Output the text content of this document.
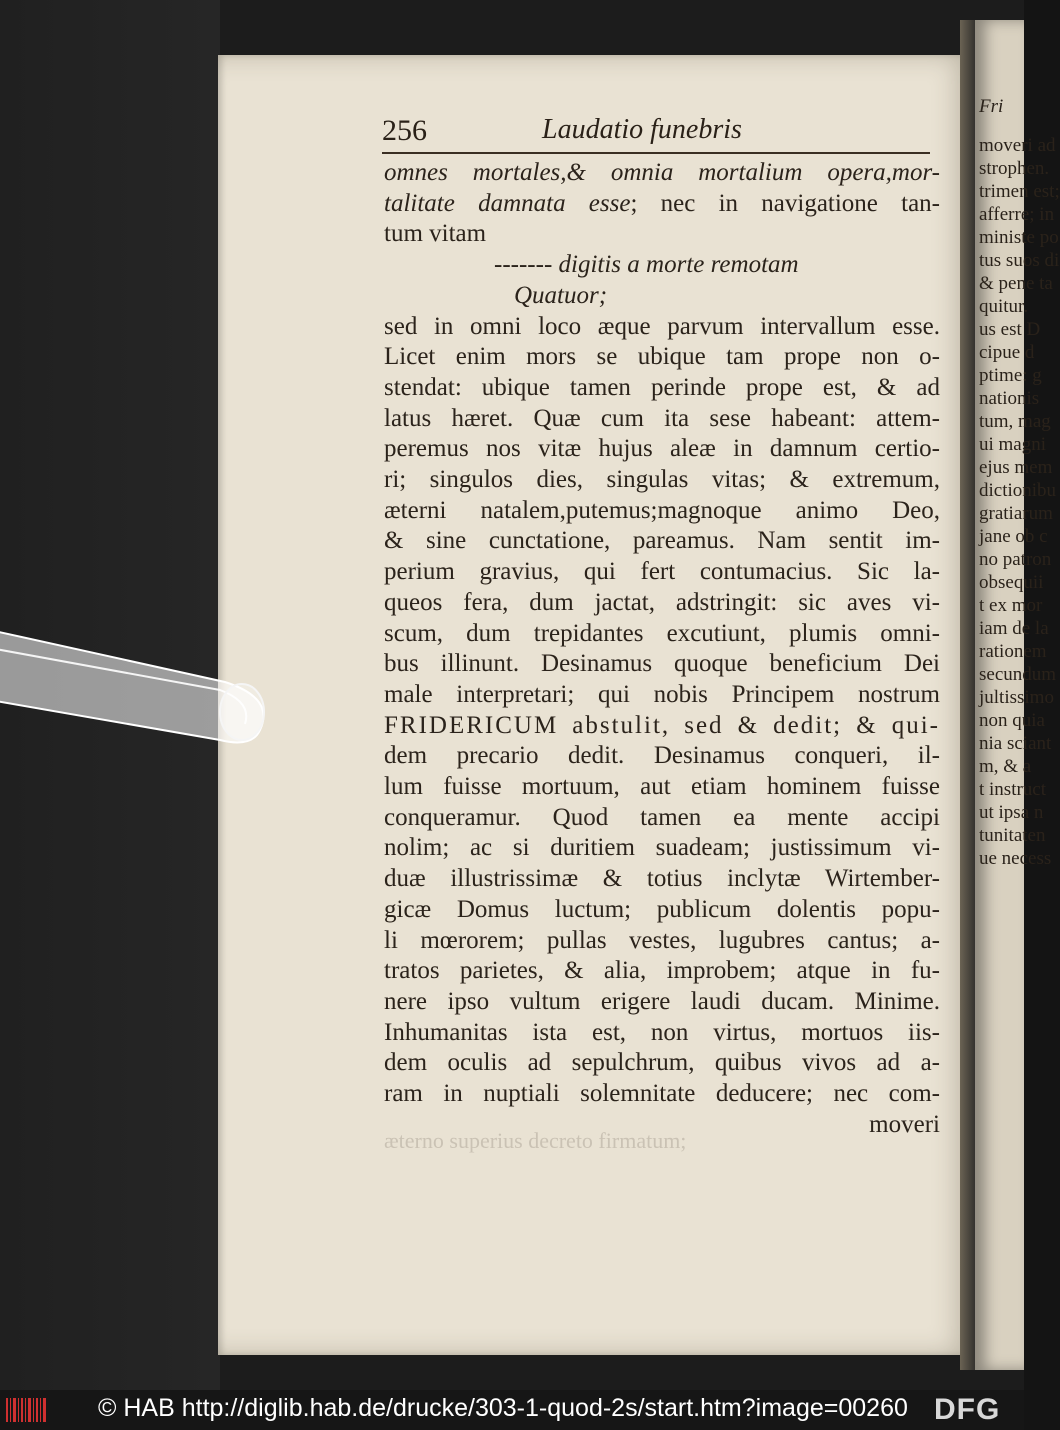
256	Laudatio funebris
omnes mortales,& omnia mortalium opera,mor-
talitate damnata esse; nec in navigatione tan-
tum vitam
------- digitis a morte remotam
Quatuor;
sed in omni loco æque parvum intervallum esse.
Licet enim mors se ubique tam prope non o-
stendat: ubique tamen perinde prope est, & ad
latus hæret. Quæ cum ita sese habeant: attem-
peremus nos vitæ hujus aleæ in damnum certio-
ri; singulos dies, singulas vitas; & extremum,
æterni natalem,putemus;magnoque animo Deo,
& sine cunctatione, pareamus. Nam sentit im-
perium gravius, qui fert contumacius. Sic la-
queos fera, dum jactat, adstringit: sic aves vi-
scum, dum trepidantes excutiunt, plumis omni-
bus illinunt. Desinamus quoque beneficium Dei
male interpretari; qui nobis Principem nostrum
FRIDERICUM abstulit, sed & dedit; & qui-
dem precario dedit. Desinamus conqueri, il-
lum fuisse mortuum, aut etiam hominem fuisse
conqueramur. Quod tamen ea mente accipi
nolim; ac si duritiem suadeam; justissimum vi-
duæ illustrissimæ & totius inclytæ Wirtember-
gicæ Domus luctum; publicum dolentis popu-
li mœrorem; pullas vestes, lugubres cantus; a-
tratos parietes, & alia, improbem; atque in fu-
nere ipso vultum erigere laudi ducam. Minime.
Inhumanitas ista est, non virtus, mortuos iis-
dem oculis ad sepulchrum, quibus vivos ad a-
ram in nuptiali solemnitate deducere; nec com-
moveri
æterno superius decreto firmatum;
Fri
moveri ad
strophen.
trimen est;
afferre; in
ministe po
tus suos di
& pene ta
quitur.
us est D
cipue d
ptime: g
nationis
tum, mag
ui magni
ejus mem
dictionibu
gratiarum
jane ob c
no patron
obsequii
t ex mor
iam de la
rationem
secundum
jultissimo
non quia
nia sciant
m, & a
t instruct
ut ipsa n
tunitaten
ue necess
© HAB http://diglib.hab.de/drucke/303-1-quod-2s/start.htm?image=00260 DFG
